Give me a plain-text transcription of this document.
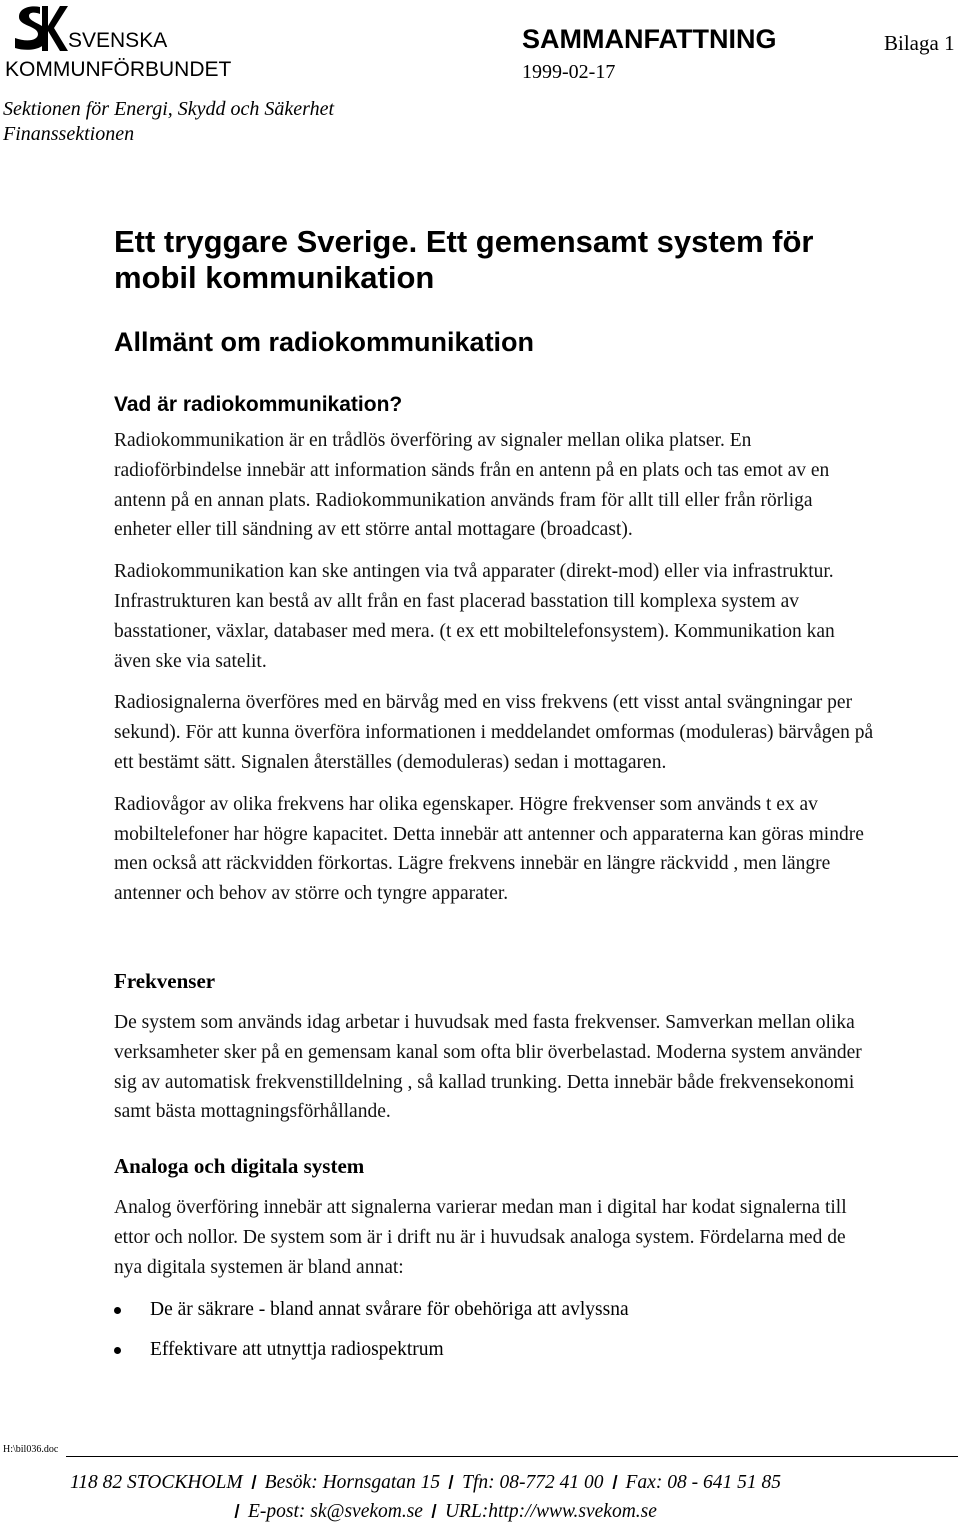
SVENSKA
KOMMUNFÖRBUNDET
Sektionen för Energi, Skydd och Säkerhet
Finanssektionen
SAMMANFATTNING
1999-02-17
Bilaga 1
Ett tryggare Sverige. Ett gemensamt system för mobil kommunikation
Allmänt om radiokommunikation
Vad är radiokommunikation?

Radiokommunikation är en trådlös överföring av signaler mellan olika platser. En radioförbindelse innebär att information sänds från en antenn på en plats och tas emot av en antenn på en annan plats. Radiokommunikation används fram för allt till eller från rörliga enheter eller till sändning av ett större antal mottagare (broadcast).

Radiokommunikation kan ske antingen via två apparater (direkt-mod) eller via infrastruktur. Infrastrukturen kan bestå av allt från en fast placerad basstation till komplexa system av basstationer, växlar, databaser med mera. (t ex ett mobiltelefonsystem). Kommunikation kan även ske via satelit.

Radiosignalerna överföres med en bärvåg med en viss frekvens (ett visst antal svängningar per sekund). För att kunna överföra informationen i meddelandet omformas (moduleras) bärvågen på ett bestämt sätt. Signalen återställes (demoduleras) sedan i mottagaren.

Radiovågor av olika frekvens har olika egenskaper. Högre frekvenser som används t ex av mobiltelefoner har högre kapacitet. Detta innebär att antenner och apparaterna kan göras mindre men också att räckvidden förkortas. Lägre frekvens innebär en längre räckvidd , men längre antenner och behov av större och tyngre apparater.

Frekvenser

De system som används idag arbetar i huvudsak med fasta frekvenser. Samverkan mellan olika verksamheter sker på en gemensam kanal som ofta blir överbelastad. Moderna system använder sig av automatisk frekvenstilldelning , så kallad trunking. Detta innebär både frekvensekonomi samt bästa mottagningsförhållande.

Analoga och digitala system

Analog överföring innebär att signalerna varierar medan man i digital har kodat signalerna till ettor och nollor. De system som är i drift nu är i huvudsak analoga system. Fördelarna med de nya digitala systemen är bland annat:

De är säkrare - bland annat svårare för obehöriga att avlyssna
Effektivare att utnyttja radiospektrum
H:\bil036.doc
118 82 STOCKHOLM Besök: Hornsgatan 15 Tfn: 08-772 41 00 Fax: 08 - 641 51 85
E-post: sk@svekom.se URL:http://www.svekom.se
